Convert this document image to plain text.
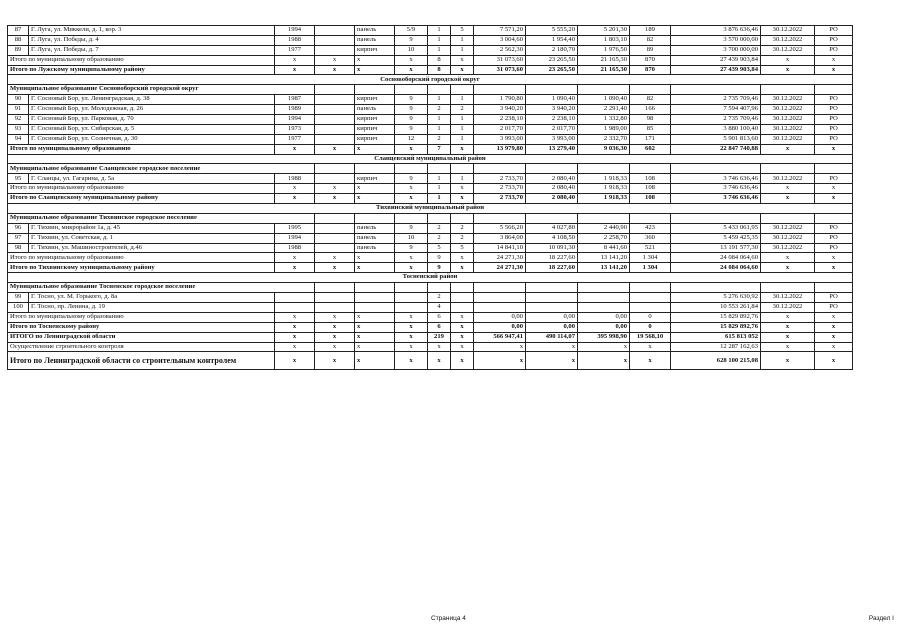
87	Г. Луга, ул. Миккели, д. 1, кор. 3	1994		панель	5/9	1	5	7 571,20	5 555,20	5 201,30	189	3 876 636,46	30.12.2022	РО
88	Г. Луга, ул. Победы, д. 4	1988		панель	9	1	1	3 004,60	1 954,40	1 803,10	82	3 570 000,00	30.12.2022	РО
89	Г. Луга, ул. Победы, д. 7	1977		кирпич	10	1	1	2 562,30	2 180,70	1 976,50	89	3 700 000,00	30.12.2022	РО
Итого по муниципальному образованию		х	х	х	х	8	х	31 073,60	23 265,50	21 165,30	870	27 439 903,84	х	х
Итого по Лужскому муниципальному району		х	х	х	х	8	х	31 073,60	23 265,50	21 165,30	870	27 439 903,84	х	х
Сосновоборский городской округ														
Муниципальное образование Сосновоборский городской округ														
90	Г. Сосновый Бор, ул. Ленинградская, д. 38	1987		кирпич	9	1	1	1 790,80	1 090,40	1 090,40	82	2 735 709,46	30.12.2022	РО
91	Г. Сосновый Бор, ул. Молодежная, д. 26	1989		панель	9	2	2	3 940,20	3 940,20	2 291,40	166	7 594 407,96	30.12.2022	РО
92	Г. Сосновый Бор, ул. Парковая, д. 70	1994		кирпич	9	1	1	2 238,10	2 238,10	1 332,80	98	2 735 709,46	30.12.2022	РО
93	Г. Сосновый Бор, ул. Сибирская, д. 5	1973		кирпич	9	1	1	2 017,70	2 017,70	1 989,00	85	3 880 100,40	30.12.2022	РО
94	Г. Сосновый Бор, ул. Солнечная, д. 30	1977		кирпич	12	2	1	3 993,00	3 993,00	2 332,70	171	5 901 813,60	30.12.2022	РО
Итого по муниципальному образованию		х	х	х	х	7	х	13 979,80	13 279,40	9 036,30	602	22 847 740,88	х	х
Сланцевский муниципальный район														
Муниципальное образование Сланцевское городское поселение														
95	Г. Сланцы, ул. Гагарина, д. 5а	1988		кирпич	9	1	1	2 733,70	2 080,40	1 918,33	108	3 746 636,46	30.12.2022	РО
Итого по муниципальному образованию		х	х	х	х	1	х	2 733,70	2 080,40	1 918,33	108	3 746 636,46	х	х
Итого по Сланцевскому муниципальному району		х	х	х	х	1	х	2 733,70	2 080,40	1 918,33	108	3 746 636,46	х	х
Тихвинский муниципальный район														
Муниципальное образование Тихвинское городское поселение														
96	Г. Тихвин, микрорайон 1а, д. 45	1995		панель	9	2	2	5 566,20	4 027,80	2 440,90	423	5 433 061,95	30.12.2022	РО
97	Г. Тихвин, ул. Советская, д. 1	1994		панель	10	2	2	3 864,00	4 108,50	2 258,70	360	5 459 425,35	30.12.2022	РО
98	Г. Тихвин, ул. Машиностроителей, д.46	1988		панель	9	5	5	14 841,10	10 091,30	8 441,60	521	13 191 577,30	30.12.2022	РО
Итого по муниципальному образованию		х	х	х	х	9	х	24 271,30	18 227,60	13 141,20	1 304	24 084 064,60	х	х
Итого по Тихвинскому муниципальному району		х	х	х	х	9	х	24 271,30	18 227,60	13 141,20	1 304	24 084 064,60	х	х
Тосненский район														
Муниципальное образование Тосненское городское поселение														
99	Г. Тосно, ул. М. Горького, д. 8а					2						5 276 630,92	30.12.2022	РО
100	Г. Тосно, пр. Ленина, д. 19					4						10 553 261,84	30.12.2022	РО
Итого по муниципальному образованию		х	х	х	х	6	х	0,00	0,00	0,00	0	15 829 892,76	х	х
Итого по Тосненскому району		х	х	х	х	6	х	0,00	0,00	0,00	0	15 829 892,76	х	х
ИТОГО по Ленинградской области		х	х	х	х	219	х	566 947,41	490 114,07	395 998,90	19 568,10	615 813 052	х	х
Осуществление строительного контроля		х	х	х	х	х	х	х	х	х	х	12 287 162,63	х	х
Итого по Ленинградской области со строительным контролем		х	х	х	х	х	х	х	х	х	х	628 100 215,08	х	х
Страница 4	Раздел I
